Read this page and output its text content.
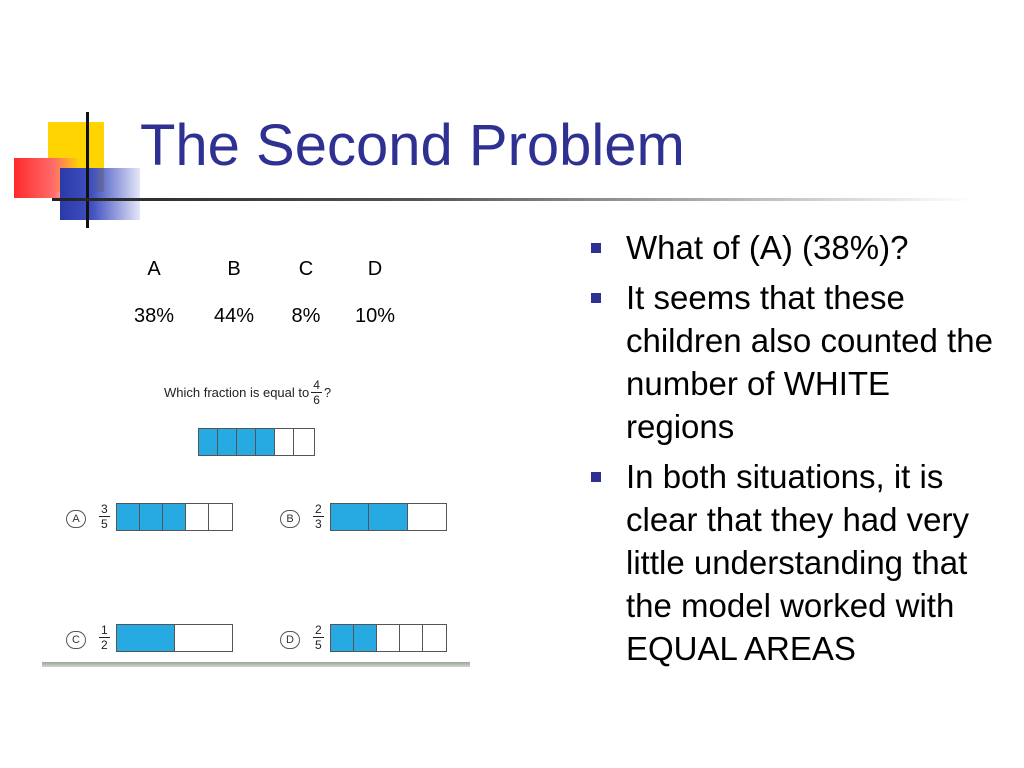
The Second Problem
A	B	C	D
38%	44%	8%	10%
Which fraction is equal to $\frac{4}{6}$ ?
A	$\frac{3}{5}$	B	$\frac{2}{3}$
C	$\frac{1}{2}$	D	$\frac{2}{5}$
What of (A) (38%)?
It seems that these children also counted the number of WHITE regions
In both situations, it is clear that they had very little understanding that the model worked with EQUAL AREAS
